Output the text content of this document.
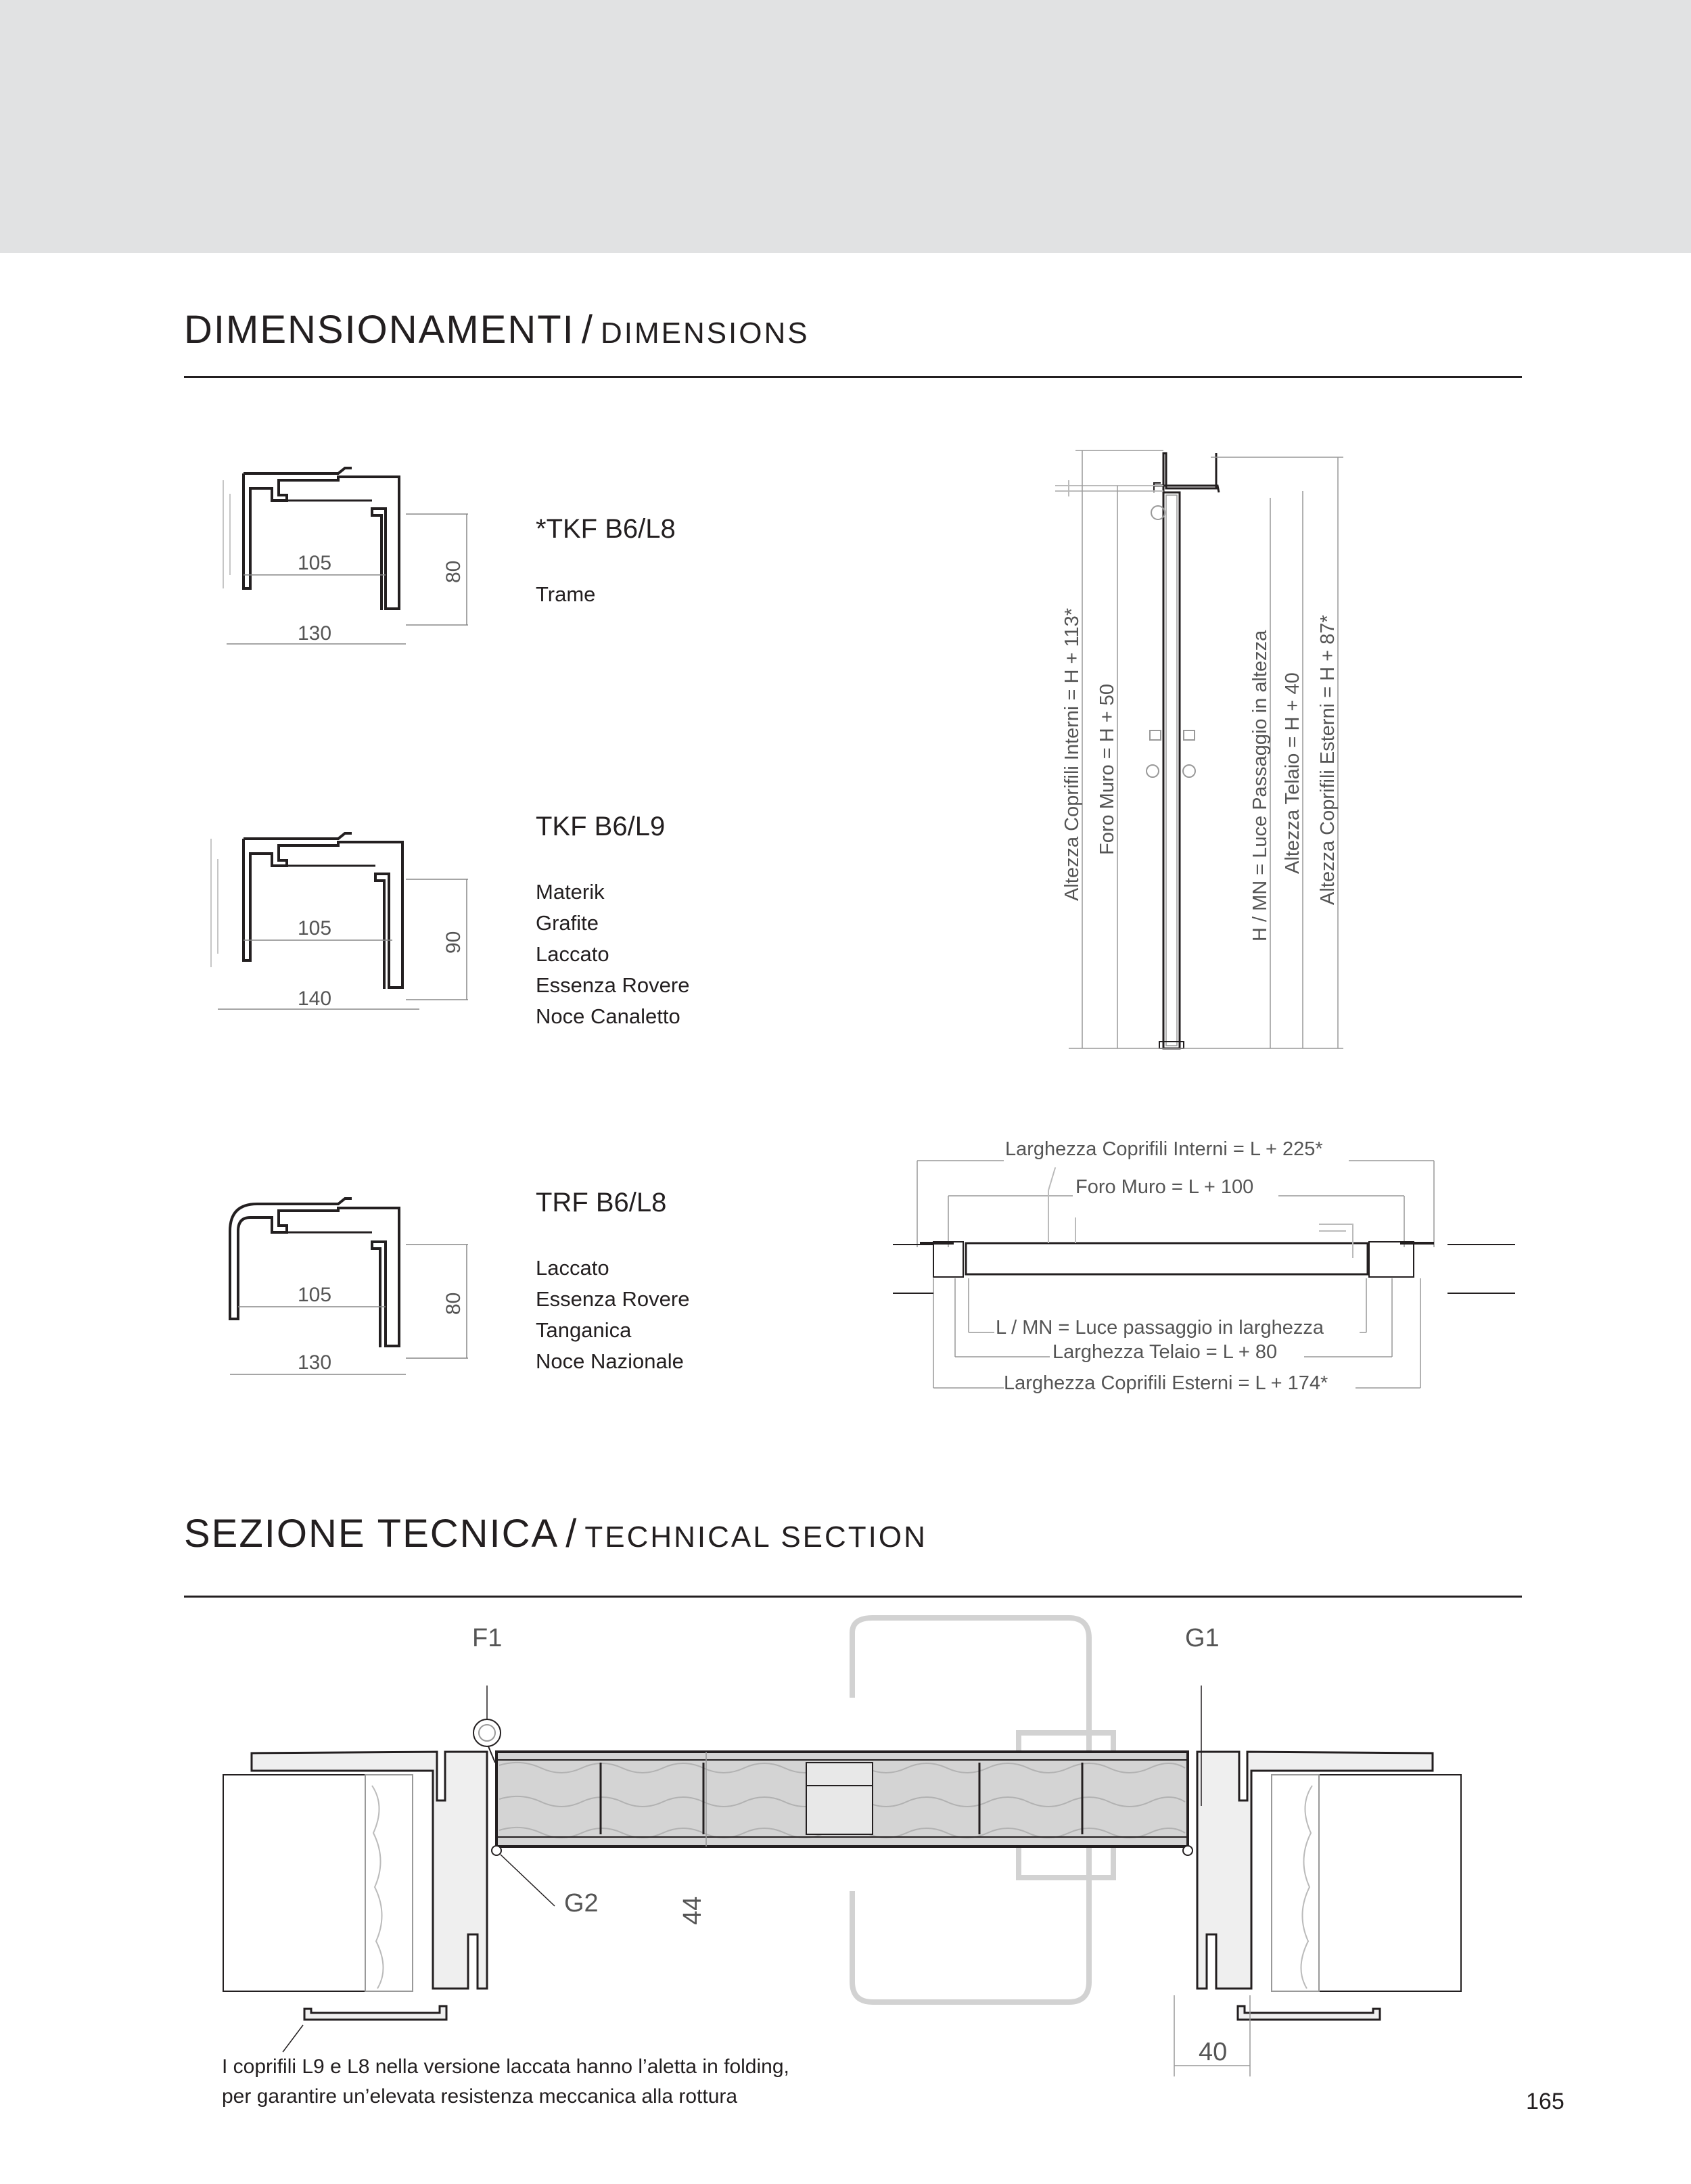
DIMENSIONAMENTI / DIMENSIONS
105
130
80
*TKF B6/L8
Trame
105
140
90
TKF B6/L9
Materik
Grafite
Laccato
Essenza Rovere
Noce Canaletto
105
130
80
TRF B6/L8
Laccato
Essenza Rovere
Tanganica
Noce Nazionale
Altezza Coprifili Interni = H + 113* Foro Muro = H + 50	H / MN = Luce Passaggio in altezza Altezza Telaio = H + 40 Altezza Coprifili Esterni = H + 87*
Larghezza Coprifili Interni = L + 225*
Foro Muro = L + 100
L / MN = Luce passaggio in larghezza
Larghezza Telaio = L + 80
Larghezza Coprifili Esterni = L + 174*
SEZIONE TECNICA / TECHNICAL SECTION
F1	G1
G2	44
40

I coprifili L9 e L8 nella versione laccata hanno l’aletta in folding,
per garantire un’elevata resistenza meccanica alla rottura	165
